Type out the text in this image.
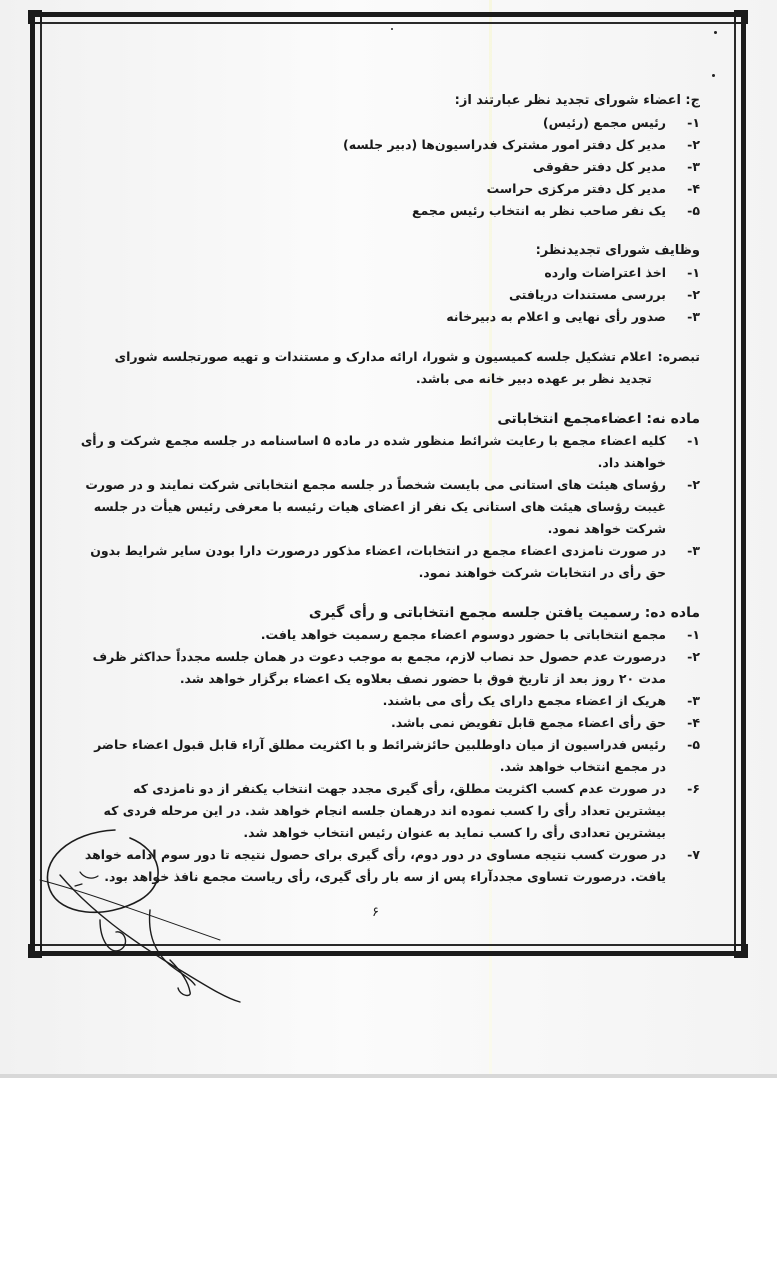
ج: اعضاء شورای تجدید نظر عبارتند از:

۱-
رئیس مجمع (رئیس)
۲-
مدیر کل دفتر امور مشترک فدراسیون‌ها (دبیر جلسه)
۳-
مدیر کل دفتر حقوقی
۴-
مدیر کل دفتر مرکزی حراست
۵-
یک نفر صاحب نظر به انتخاب رئیس مجمع

وظایف شورای تجدیدنظر:

۱-
اخذ اعتراضات وارده
۲-
بررسی مستندات دریافتی
۳-
صدور رأی نهایی و اعلام به دبیرخانه
تبصره:
اعلام تشکیل جلسه کمیسیون و شورا، ارائه مدارک و مستندات و تهیه صورتجلسه شورای تجدید نظر بر عهده دبیر خانه می باشد.

ماده نه: اعضاءمجمع انتخاباتی

۱-
کلیه اعضاء مجمع با رعایت شرائط منظور شده در ماده ۵ اساسنامه در جلسه مجمع شرکت و رأی خواهند داد.
۲-
رؤسای هیئت های استانی می بایست شخصاً در جلسه مجمع انتخاباتی شرکت نمایند و در صورت غیبت رؤسای هیئت های استانی یک نفر از اعضای هیات رئیسه با معرفی رئیس هیأت در جلسه شرکت خواهد نمود.
۳-
در صورت نامزدی اعضاء مجمع در انتخابات، اعضاء مذکور درصورت دارا بودن سایر شرایط بدون حق رأی در انتخابات شرکت خواهند نمود.

ماده ده: رسمیت یافتن جلسه مجمع انتخاباتی و رأی گیری

۱-
مجمع انتخاباتی با حضور دوسوم اعضاء مجمع رسمیت خواهد یافت.
۲-
درصورت عدم حصول حد نصاب لازم، مجمع به موجب دعوت در همان جلسه مجدداً حداکثر ظرف مدت ۲۰ روز بعد از تاریخ فوق با حضور نصف بعلاوه یک اعضاء برگزار خواهد شد.
۳-
هریک از اعضاء مجمع دارای یک رأی می باشند.
۴-
حق رأی اعضاء مجمع قابل تفویض نمی باشد.
۵-
رئیس فدراسیون از میان داوطلبین حائزشرائط و با اکثریت مطلق آراء قابل قبول اعضاء حاضر در مجمع انتخاب خواهد شد.
۶-
در صورت عدم کسب اکثریت مطلق، رأی گیری مجدد جهت انتخاب یکنفر از دو نامزدی که بیشترین تعداد رأی را کسب نموده اند درهمان جلسه انجام خواهد شد. در این مرحله فردی که بیشترین تعدادی رأی را کسب نماید به عنوان رئیس انتخاب خواهد شد.
۷-
در صورت کسب نتیجه مساوی در دور دوم، رأی گیری برای حصول نتیجه تا دور سوم ادامه خواهد یافت. درصورت تساوی مجددآراء پس از سه بار رأی گیری، رأی ریاست مجمع نافذ خواهد بود.
۶
